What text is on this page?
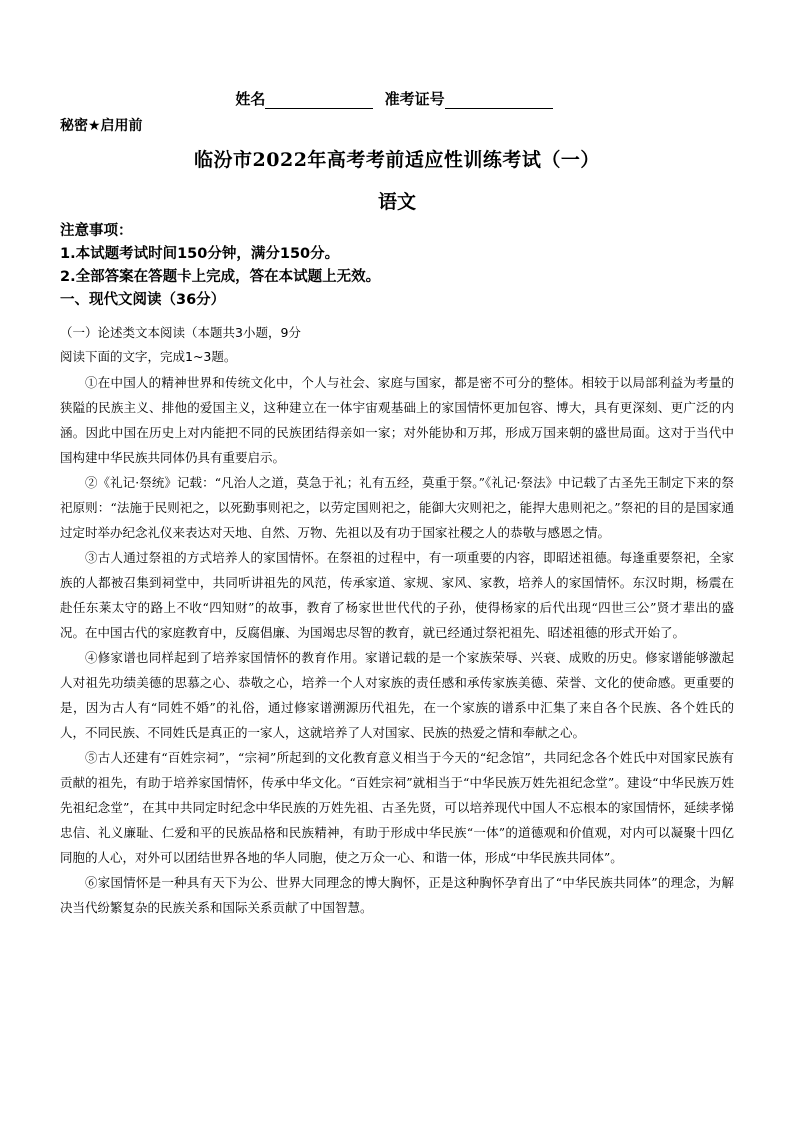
姓名	准考证号
秘密★启用前
临汾市2022年高考考前适应性训练考试（一）
语文
注意事项：
1.本试题考试时间150分钟，满分150分。
2.全部答案在答题卡上完成，答在本试题上无效。
一、现代文阅读（36分）
（一）论述类文本阅读（本题共3小题，9分
阅读下面的文字，完成1~3题。

①在中国人的精神世界和传统文化中，个人与社会、家庭与国家，都是密不可分的整体。相较于以局部利益为考量的狭隘的民族主义、排他的爱国主义，这种建立在一体宇宙观基础上的家国情怀更加包容、博大，具有更深刻、更广泛的内涵。因此中国在历史上对内能把不同的民族团结得亲如一家；对外能协和万邦，形成万国来朝的盛世局面。这对于当代中国构建中华民族共同体仍具有重要启示。

②《礼记·祭统》记载：“凡治人之道，莫急于礼；礼有五经，莫重于祭。”《礼记·祭法》中记载了古圣先王制定下来的祭祀原则：“法施于民则祀之，以死勤事则祀之，以劳定国则祀之，能御大灾则祀之，能捍大患则祀之。”祭祀的目的是国家通过定时举办纪念礼仪来表达对天地、自然、万物、先祖以及有功于国家社稷之人的恭敬与感恩之情。

③古人通过祭祖的方式培养人的家国情怀。在祭祖的过程中，有一项重要的内容，即昭述祖德。每逢重要祭祀，全家族的人都被召集到祠堂中，共同听讲祖先的风范，传承家道、家规、家风、家教，培养人的家国情怀。东汉时期，杨震在赴任东莱太守的路上不收“四知财”的故事，教育了杨家世世代代的子孙，使得杨家的后代出现“四世三公”贤才辈出的盛况。在中国古代的家庭教育中，反腐倡廉、为国竭忠尽智的教育，就已经通过祭祀祖先、昭述祖德的形式开始了。

④修家谱也同样起到了培养家国情怀的教育作用。家谱记载的是一个家族荣辱、兴衰、成败的历史。修家谱能够激起人对祖先功绩美德的思慕之心、恭敬之心，培养一个人对家族的责任感和承传家族美德、荣誉、文化的使命感。更重要的是，因为古人有“同姓不婚”的礼俗，通过修家谱溯源历代祖先，在一个家族的谱系中汇集了来自各个民族、各个姓氏的人，不同民族、不同姓氏是真正的一家人，这就培养了人对国家、民族的热爱之情和奉献之心。

⑤古人还建有“百姓宗祠”，“宗祠”所起到的文化教育意义相当于今天的“纪念馆”，共同纪念各个姓氏中对国家民族有贡献的祖先，有助于培养家国情怀，传承中华文化。“百姓宗祠”就相当于“中华民族万姓先祖纪念堂”。建设“中华民族万姓先祖纪念堂”，在其中共同定时纪念中华民族的万姓先祖、古圣先贤，可以培养现代中国人不忘根本的家国情怀，延续孝悌忠信、礼义廉耻、仁爱和平的民族品格和民族精神，有助于形成中华民族“一体”的道德观和价值观，对内可以凝聚十四亿同胞的人心，对外可以团结世界各地的华人同胞，使之万众一心、和谐一体，形成“中华民族共同体”。

⑥家国情怀是一种具有天下为公、世界大同理念的博大胸怀，正是这种胸怀孕育出了“中华民族共同体”的理念，为解决当代纷繁复杂的民族关系和国际关系贡献了中国智慧。
